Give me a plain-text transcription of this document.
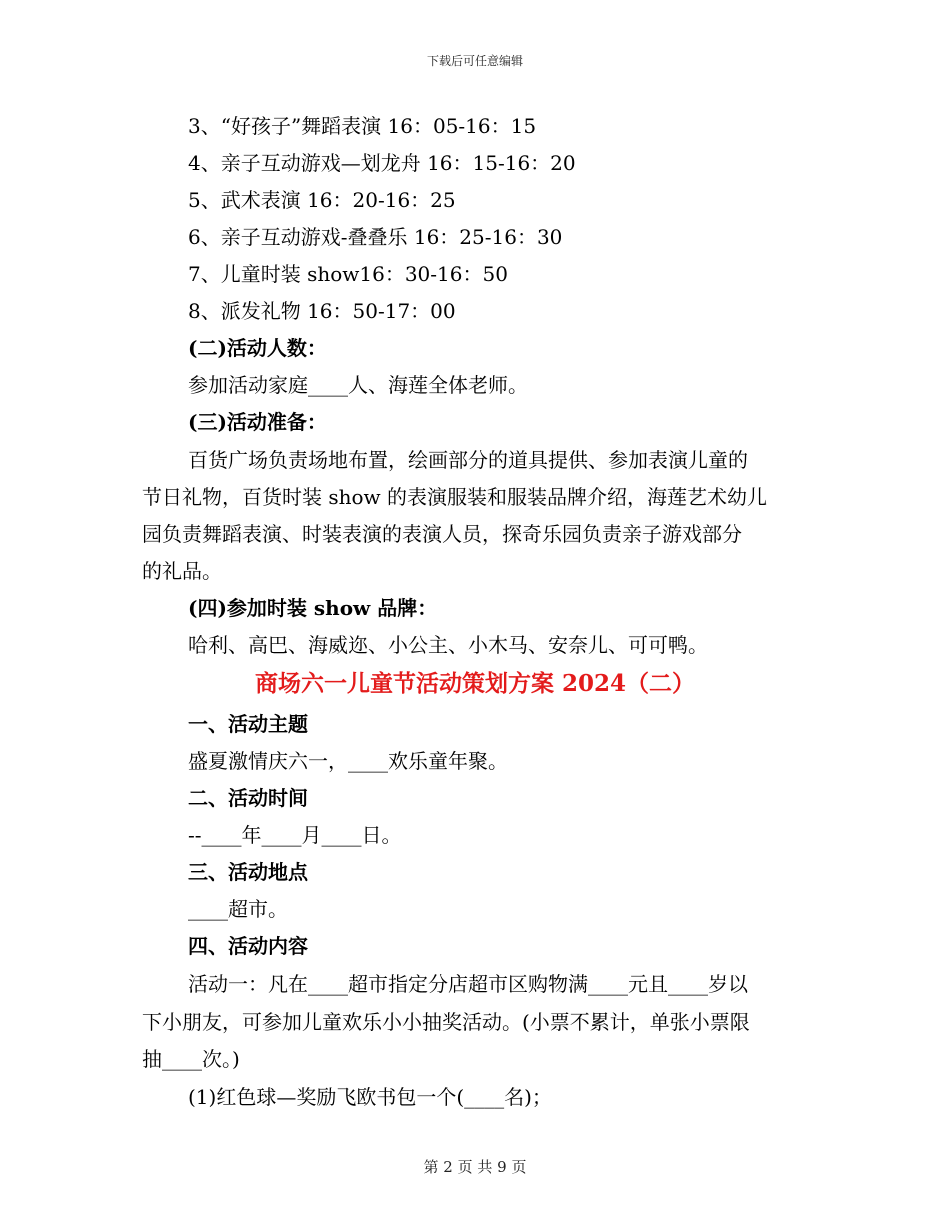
下载后可任意编辑
3、“好孩子”舞蹈表演 16：05-16：15
4、亲子互动游戏—划龙舟 16：15-16：20
5、武术表演 16：20-16：25
6、亲子互动游戏-叠叠乐 16：25-16：30
7、儿童时装 show16：30-16：50
8、派发礼物 16：50-17：00
(二)活动人数：
参加活动家庭____人、海莲全体老师。
(三)活动准备：
百货广场负责场地布置，绘画部分的道具提供、参加表演儿童的
节日礼物，百货时装 show 的表演服装和服装品牌介绍，海莲艺术幼儿
园负责舞蹈表演、时装表演的表演人员，探奇乐园负责亲子游戏部分
的礼品。
(四)参加时装 show 品牌：
哈利、高巴、海威迩、小公主、小木马、安奈儿、可可鸭。
商场六一儿童节活动策划方案 2024（二）
一、活动主题
盛夏激情庆六一，____欢乐童年聚。
二、活动时间
--____年____月____日。
三、活动地点
____超市。
四、活动内容
活动一：凡在____超市指定分店超市区购物满____元且____岁以
下小朋友，可参加儿童欢乐小小抽奖活动。(小票不累计，单张小票限
抽____次。)
(1)红色球—奖励飞欧书包一个(____名)；
第 2 页 共 9 页
